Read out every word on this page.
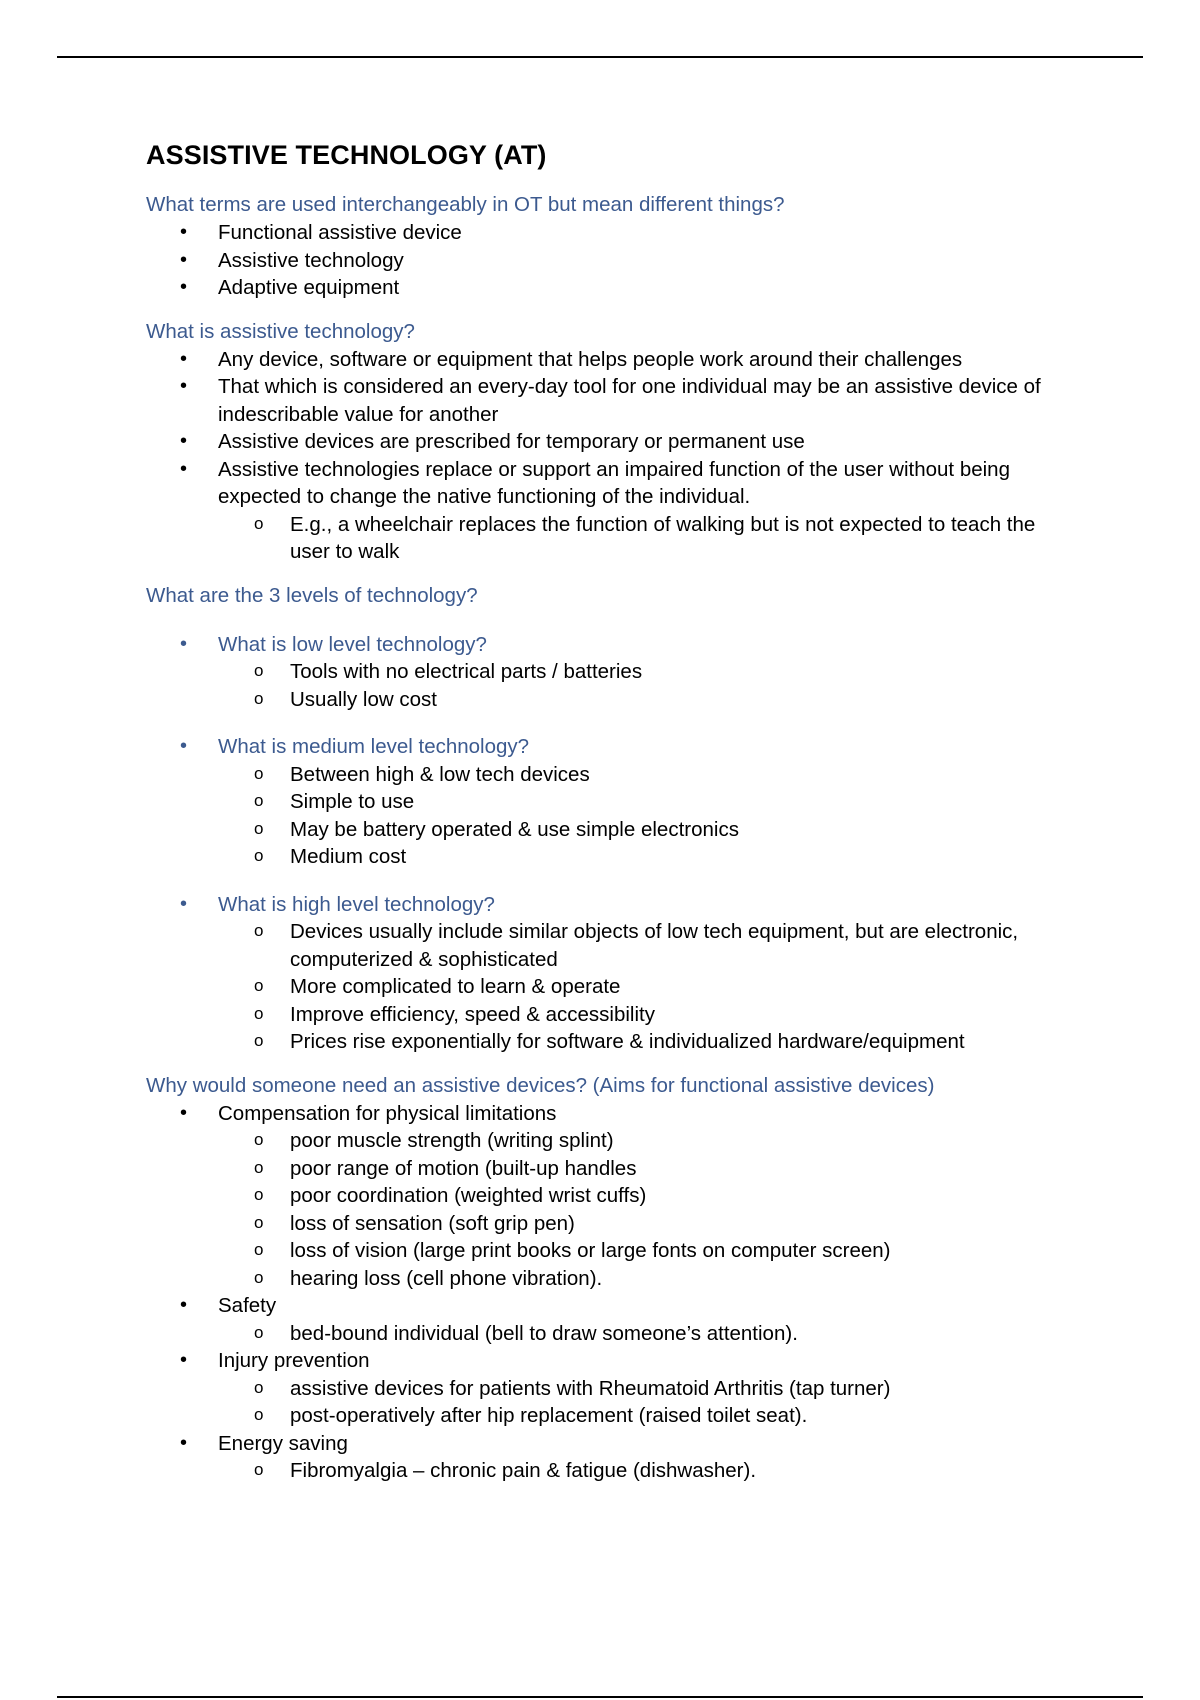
ASSISTIVE TECHNOLOGY (AT)

What terms are used interchangeably in OT but mean different things?

• Functional assistive device
• Assistive technology
• Adaptive equipment

What is assistive technology?

• Any device, software or equipment that helps people work around their challenges
• That which is considered an every-day tool for one individual may be an assistive device of indescribable value for another
• Assistive devices are prescribed for temporary or permanent use
• Assistive technologies replace or support an impaired function of the user without being expected to change the native functioning of the individual.
o E.g., a wheelchair replaces the function of walking but is not expected to teach the user to walk

What are the 3 levels of technology?

• What is low level technology?
o Tools with no electrical parts / batteries
o Usually low cost
• What is medium level technology?
o Between high & low tech devices
o Simple to use
o May be battery operated & use simple electronics
o Medium cost
• What is high level technology?
o Devices usually include similar objects of low tech equipment, but are electronic, computerized & sophisticated
o More complicated to learn & operate
o Improve efficiency, speed & accessibility
o Prices rise exponentially for software & individualized hardware/equipment

Why would someone need an assistive devices? (Aims for functional assistive devices)

• Compensation for physical limitations
o poor muscle strength (writing splint)
o poor range of motion (built-up handles
o poor coordination (weighted wrist cuffs)
o loss of sensation (soft grip pen)
o loss of vision (large print books or large fonts on computer screen)
o hearing loss (cell phone vibration).
• Safety
o bed-bound individual (bell to draw someone’s attention).
• Injury prevention
o assistive devices for patients with Rheumatoid Arthritis (tap turner)
o post-operatively after hip replacement (raised toilet seat).
• Energy saving
o Fibromyalgia – chronic pain & fatigue (dishwasher).
